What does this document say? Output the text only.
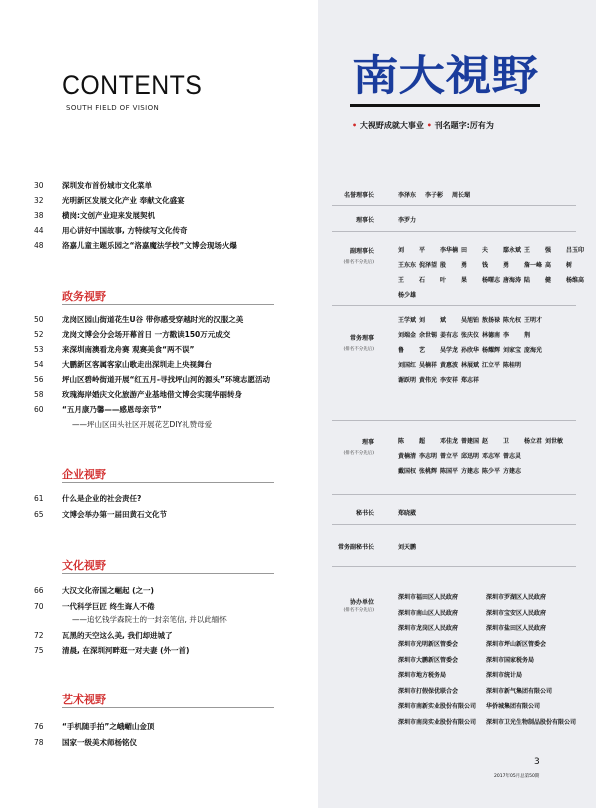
CONTENTS
SOUTH FIELD OF VISION
30 深圳发布首份城市文化菜单
32 光明新区发展文化产业 奉献文化盛宴
38 横岗:文创产业迎来发展契机
44 用心讲好中国故事, 方特续写文化传奇
48 洛嘉儿童主题乐园之“洛嘉魔法学校”文博会现场火爆
政务视野
50 龙岗区园山街道花生U谷 带你感受穿越时光的汉服之美
52 龙岗文博会分会场开幕首日 一方戳读150万元成交
53 来深圳南澳看龙舟赛 观赛美食“两不误”
54 大鹏新区客属客家山歌走出深圳走上央视舞台
56 坪山区碧岭街道开展“红五月-寻找坪山河的源头”环境志愿活动
58 玫瑰海岸婚庆文化旅游产业基地借文博会实现华丽转身
60 “五月康乃馨——感恩母亲节”
——坪山区田头社区开展花艺DIY礼赞母爱
企业视野
61 什么是企业的社会责任?
65 文博会举办第一届田黄石文化节
文化视野
66 大汉文化帝国之崛起 (之一)
70 一代科学巨匠 终生诲人不倦
——追忆钱学森院士的一封亲笔信, 并以此缅怀
72 瓦黑的天空这么美, 我们却进城了
75 清晨, 在深圳河畔逛一对夫妻 (外一首)
艺术视野
76 “手机随手拍”之峨嵋山金顶
78 国家一级美术师杨铭仪
南大視野
• 大视野成就大事业 • 刊名题字:厉有为
名誉理事长	李泽东 李子彬 周长瑚
理事长	李罗力
副理事长
(排名不分先后)
刘	平	李华楠 田	夫	鄢永斌 王	强	吕玉印
王东东 倪泽望 殷	勇	钱	勇	詹一峰 高	树
王	石	叶	果	杨曙志 唐海涛 陆	健	杨维高
杨少雄
常务理事
(排名不分先后)
王学斌 刘	斌	吴旭铂 敖扬禄 陈允权 王明才
刘端金 余世锡 姜有志 张庆仪 林德南 李	荆
鲁	艺	吴学龙 孙欣华 杨耀辉 刘家宝 庞海光
刘国红 吴楠祥 黄惠波 林展斌 江立平 陈桂明
谢跃明 黄伟光 李安祥 郑志祥
理事
(排名不分先后)
陈	超	邓佳龙 曾建国 赵	卫	杨立君 刘世敏
黄楠清 李志明 曾立平 邱迅明 邓志军 曾志灵
戴国权 张桃辉 陈国平 方建志 陈少平 方建志
秘书长	郑晓葳
常务副秘书长	刘天鹏
协办单位
(排名不分先后)
深圳市福田区人民政府	深圳市罗湖区人民政府
深圳市南山区人民政府	深圳市宝安区人民政府
深圳市龙岗区人民政府	深圳市盐田区人民政府
深圳市光明新区管委会	深圳市坪山新区管委会
深圳市大鹏新区管委会	深圳市国家税务局
深圳市地方税务局	深圳市统计局
深圳市打假保优联合会	深圳市新气集团有限公司
深圳市南新实业股份有限公司	华侨城集团有限公司
深圳市南岗实业股份有限公司	深圳市卫光生物制品股份有限公司
3
2017年05月总第50期
